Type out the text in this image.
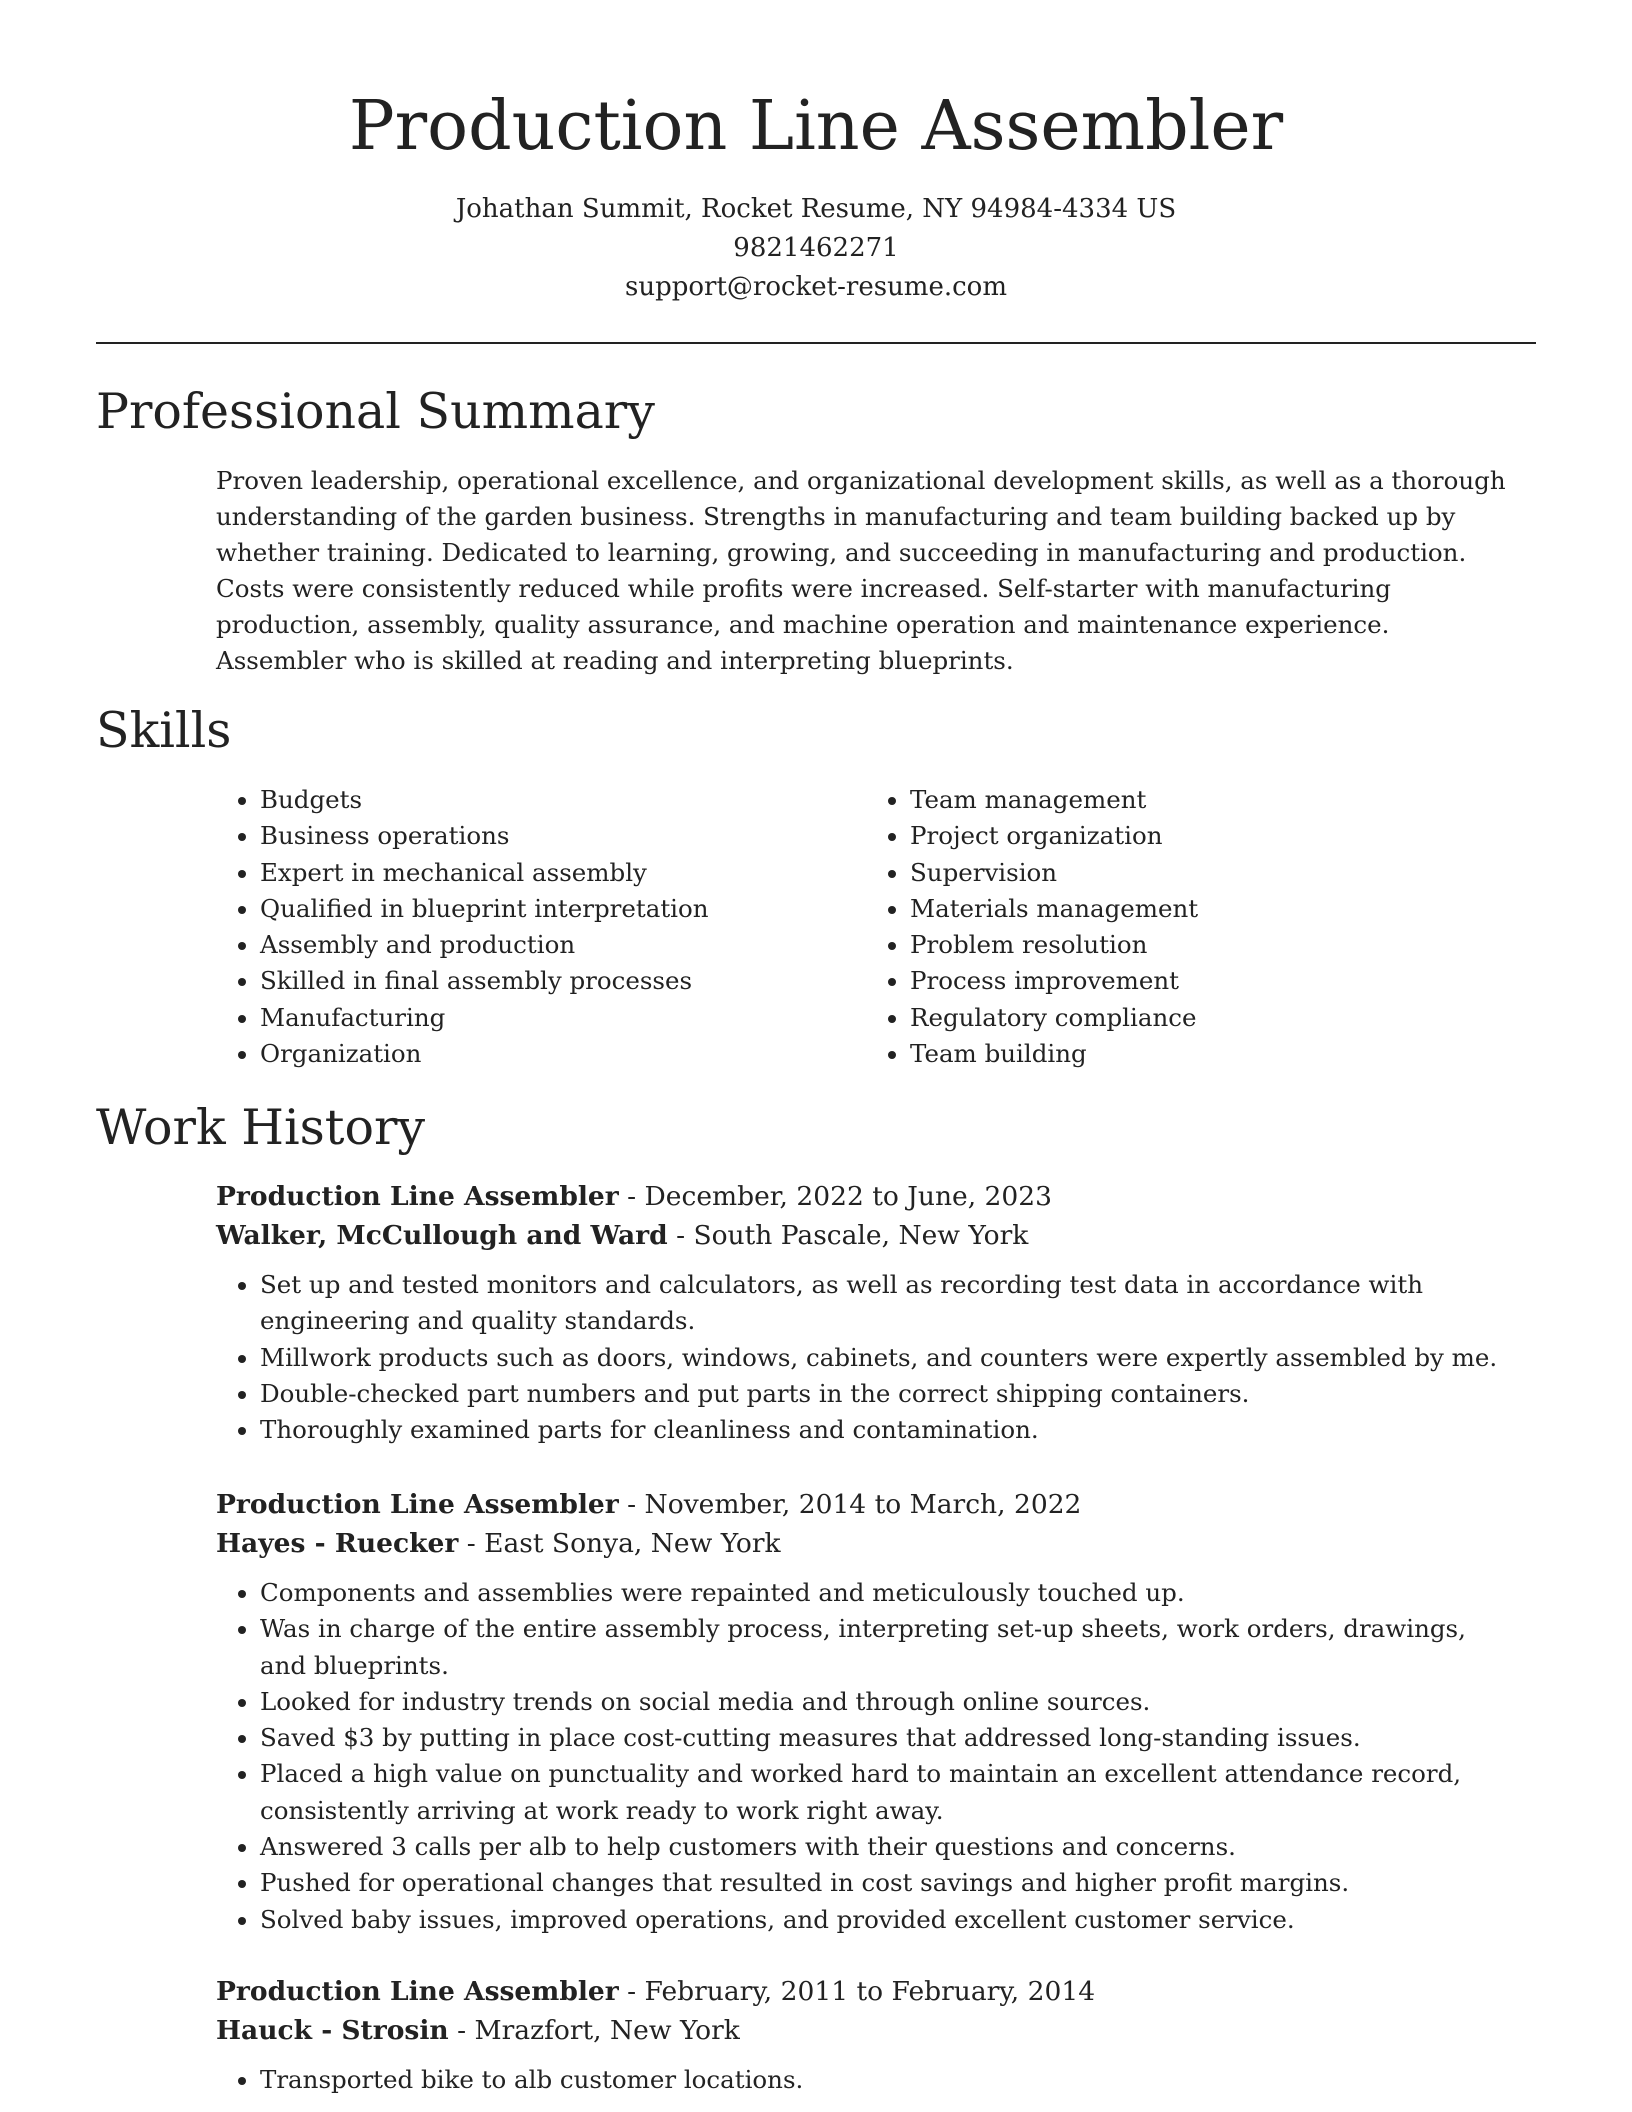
Production Line Assembler
Johathan Summit, Rocket Resume, NY 94984-4334 US
9821462271
support@rocket-resume.com
Professional Summary

Proven leadership, operational excellence, and organizational development skills, as well as a thorough understanding of the garden business. Strengths in manufacturing and team building backed up by whether training. Dedicated to learning, growing, and succeeding in manufacturing and production. Costs were consistently reduced while profits were increased. Self-starter with manufacturing production, assembly, quality assurance, and machine operation and maintenance experience. Assembler who is skilled at reading and interpreting blueprints.

Skills
• Budgets
• Business operations
• Expert in mechanical assembly
• Qualified in blueprint interpretation
• Assembly and production
• Skilled in final assembly processes
• Manufacturing
• Organization
• Team management
• Project organization
• Supervision
• Materials management
• Problem resolution
• Process improvement
• Regulatory compliance
• Team building
Work History
Production Line Assembler - December, 2022 to June, 2023
Walker, McCullough and Ward - South Pascale, New York
• Set up and tested monitors and calculators, as well as recording test data in accordance with engineering and quality standards.
• Millwork products such as doors, windows, cabinets, and counters were expertly assembled by me.
• Double-checked part numbers and put parts in the correct shipping containers.
• Thoroughly examined parts for cleanliness and contamination.
Production Line Assembler - November, 2014 to March, 2022
Hayes - Ruecker - East Sonya, New York
• Components and assemblies were repainted and meticulously touched up.
• Was in charge of the entire assembly process, interpreting set-up sheets, work orders, drawings, and blueprints.
• Looked for industry trends on social media and through online sources.
• Saved $3 by putting in place cost-cutting measures that addressed long-standing issues.
• Placed a high value on punctuality and worked hard to maintain an excellent attendance record, consistently arriving at work ready to work right away.
• Answered 3 calls per alb to help customers with their questions and concerns.
• Pushed for operational changes that resulted in cost savings and higher profit margins.
• Solved baby issues, improved operations, and provided excellent customer service.
Production Line Assembler - February, 2011 to February, 2014
Hauck - Strosin - Mrazfort, New York
• Transported bike to alb customer locations.
